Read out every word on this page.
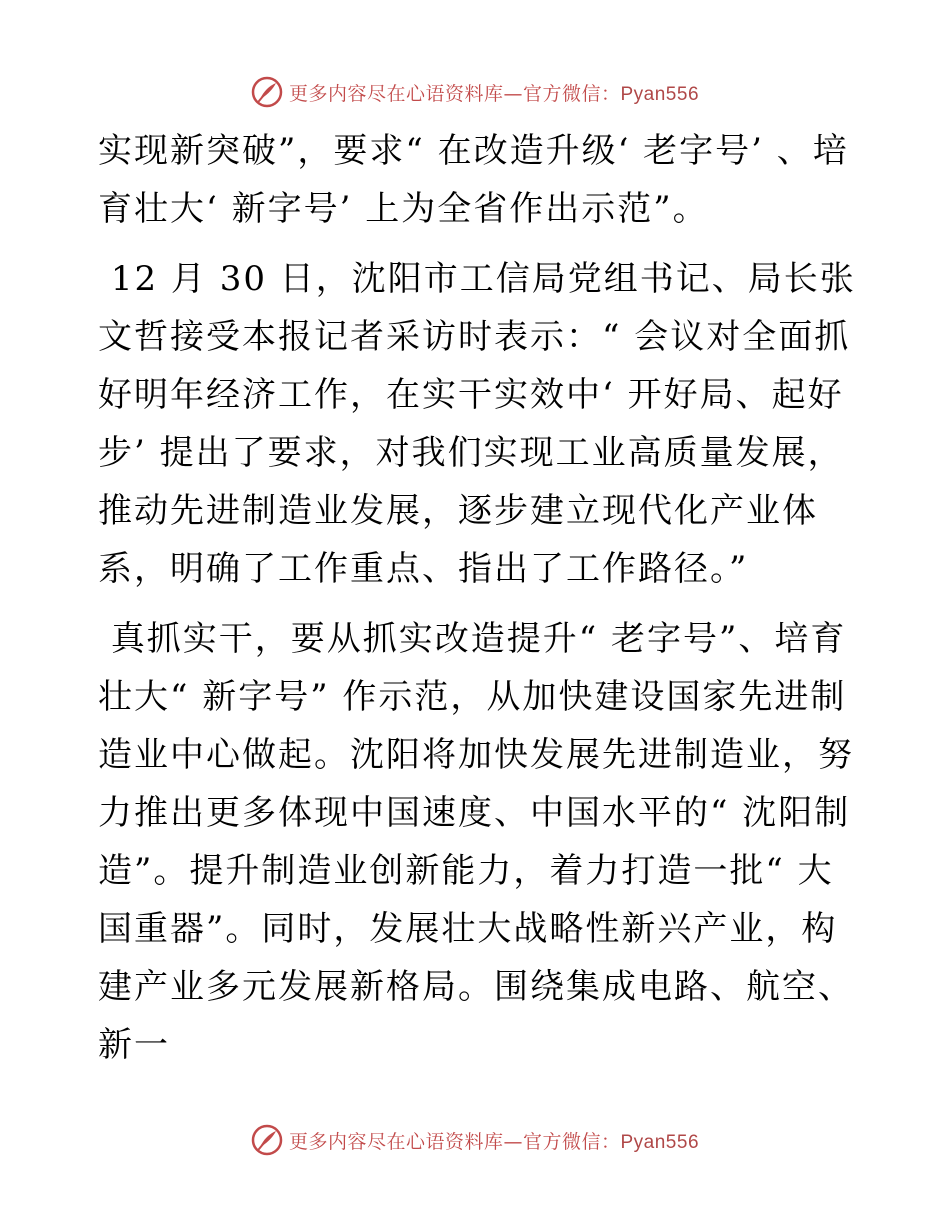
更多内容尽在心语资料库—官方微信：Pyan556

实现新突破”，要求“ 在改造升级‘ 老字号’ 、培育壮大‘ 新字号’ 上为全省作出示范”。

12 月 30 日，沈阳市工信局党组书记、局长张文哲接受本报记者采访时表示：“ 会议对全面抓好明年经济工作，在实干实效中‘ 开好局、起好步’ 提出了要求，对我们实现工业高质量发展，推动先进制造业发展，逐步建立现代化产业体系，明确了工作重点、指出了工作路径。”

真抓实干，要从抓实改造提升“ 老字号”、培育壮大“ 新字号” 作示范，从加快建设国家先进制造业中心做起。沈阳将加快发展先进制造业，努力推出更多体现中国速度、中国水平的“ 沈阳制造”。提升制造业创新能力，着力打造一批“ 大国重器”。同时，发展壮大战略性新兴产业，构建产业多元发展新格局。围绕集成电路、航空、新一

更多内容尽在心语资料库—官方微信：Pyan556
